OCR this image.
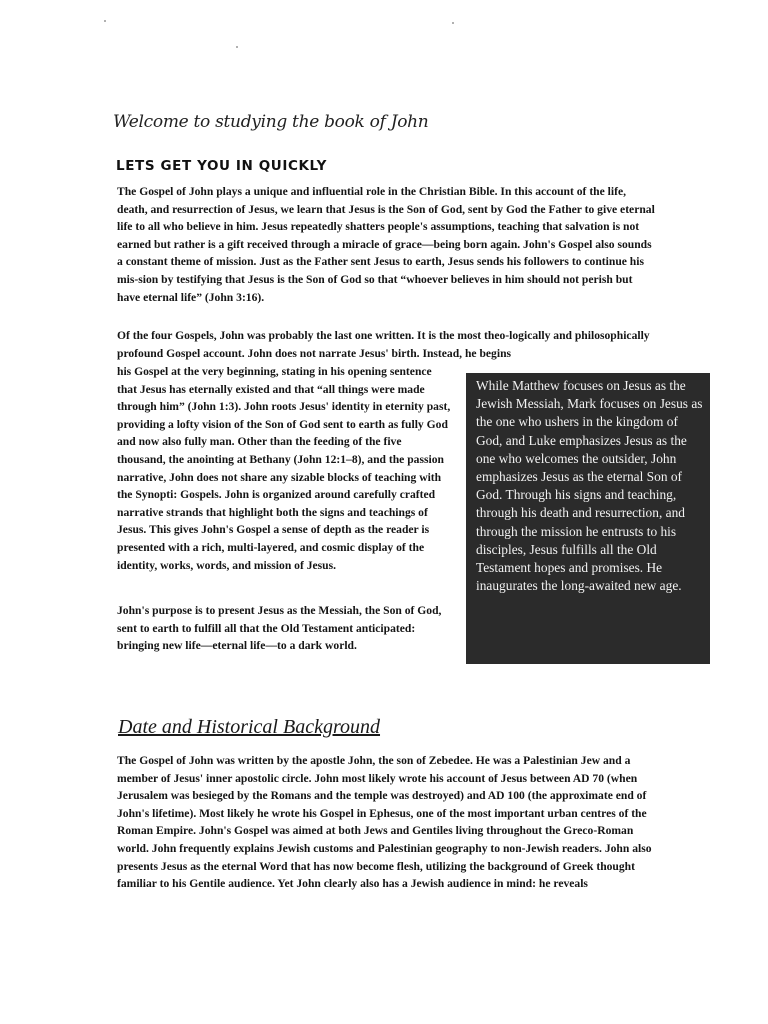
Welcome to studying the book of John
LETS GET YOU IN QUICKLY

The Gospel of John plays a unique and influential role in the Christian Bible. In this account of the life, death, and resurrection of Jesus, we learn that Jesus is the Son of God, sent by God the Father to give eternal life to all who believe in him. Jesus repeatedly shatters people's assumptions, teaching that salvation is not earned but rather is a gift received through a miracle of grace—being born again. John's Gospel also sounds a constant theme of mission. Just as the Father sent Jesus to earth, Jesus sends his followers to continue his mis-sion by testifying that Jesus is the Son of God so that “whoever believes in him should not perish but have eternal life” (John 3:16).

Of the four Gospels, John was probably the last one written. It is the most theo-logically and philosophically profound Gospel account. John does not narrate Jesus' birth. Instead, he begins

his Gospel at the very beginning, stating in his opening sentence that Jesus has eternally existed and that “all things were made through him” (John 1:3). John roots Jesus' identity in eternity past, providing a lofty vision of the Son of God sent to earth as fully God and now also fully man. Other than the feeding of the five thousand, the anointing at Bethany (John 12:1–8), and the passion narrative, John does not share any sizable blocks of teaching with the Synopti: Gospels. John is organized around carefully crafted narrative strands that highlight both the signs and teachings of Jesus. This gives John's Gospel a sense of depth as the reader is presented with a rich, multi-layered, and cosmic display of the identity, works, words, and mission of Jesus.

John's purpose is to present Jesus as the Messiah, the Son of God, sent to earth to fulfill all that the Old Testament anticipated: bringing new life—eternal life—to a dark world.

While Matthew focuses on Jesus as the Jewish Messiah, Mark focuses on Jesus as the one who ushers in the kingdom of God, and Luke emphasizes Jesus as the one who welcomes the outsider, John emphasizes Jesus as the eternal Son of God. Through his signs and teaching, through his death and resurrection, and through the mission he entrusts to his disciples, Jesus fulfills all the Old Testament hopes and promises. He inaugurates the long-awaited new age.

Date and Historical Background

The Gospel of John was written by the apostle John, the son of Zebedee. He was a Palestinian Jew and a member of Jesus' inner apostolic circle. John most likely wrote his account of Jesus between AD 70 (when Jerusalem was besieged by the Romans and the temple was destroyed) and AD 100 (the approximate end of John's lifetime). Most likely he wrote his Gospel in Ephesus, one of the most important urban centres of the Roman Empire. John's Gospel was aimed at both Jews and Gentiles living throughout the Greco-Roman world. John frequently explains Jewish customs and Palestinian geography to non-Jewish readers. John also presents Jesus as the eternal Word that has now become flesh, utilizing the background of Greek thought familiar to his Gentile audience. Yet John clearly also has a Jewish audience in mind: he reveals
